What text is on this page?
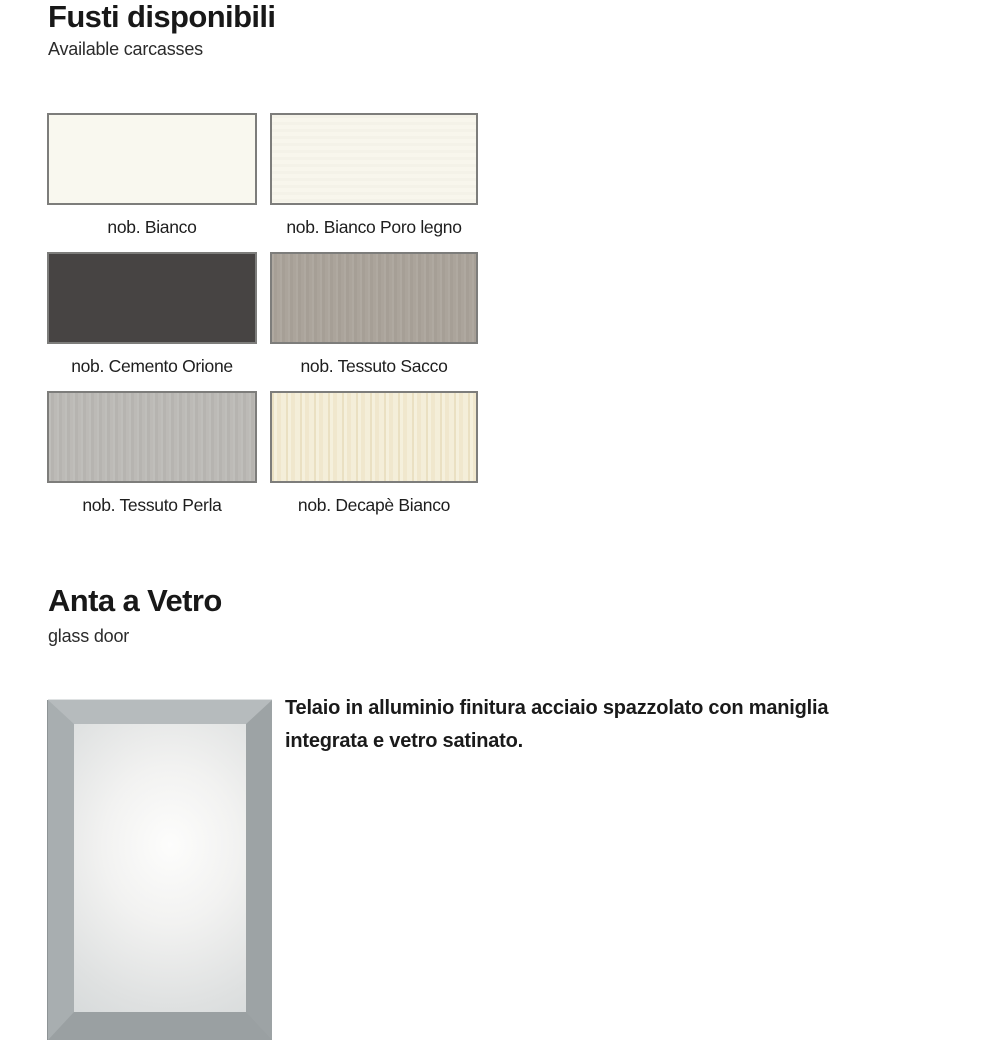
Fusti disponibili
Available carcasses
nob. Bianco	nob. Bianco Poro legno
nob. Cemento Orione	nob. Tessuto Sacco
nob. Tessuto Perla	nob. Decapè Bianco
Anta a Vetro
glass door
Telaio in alluminio finitura acciaio spazzolato con maniglia integrata e vetro satinato.
